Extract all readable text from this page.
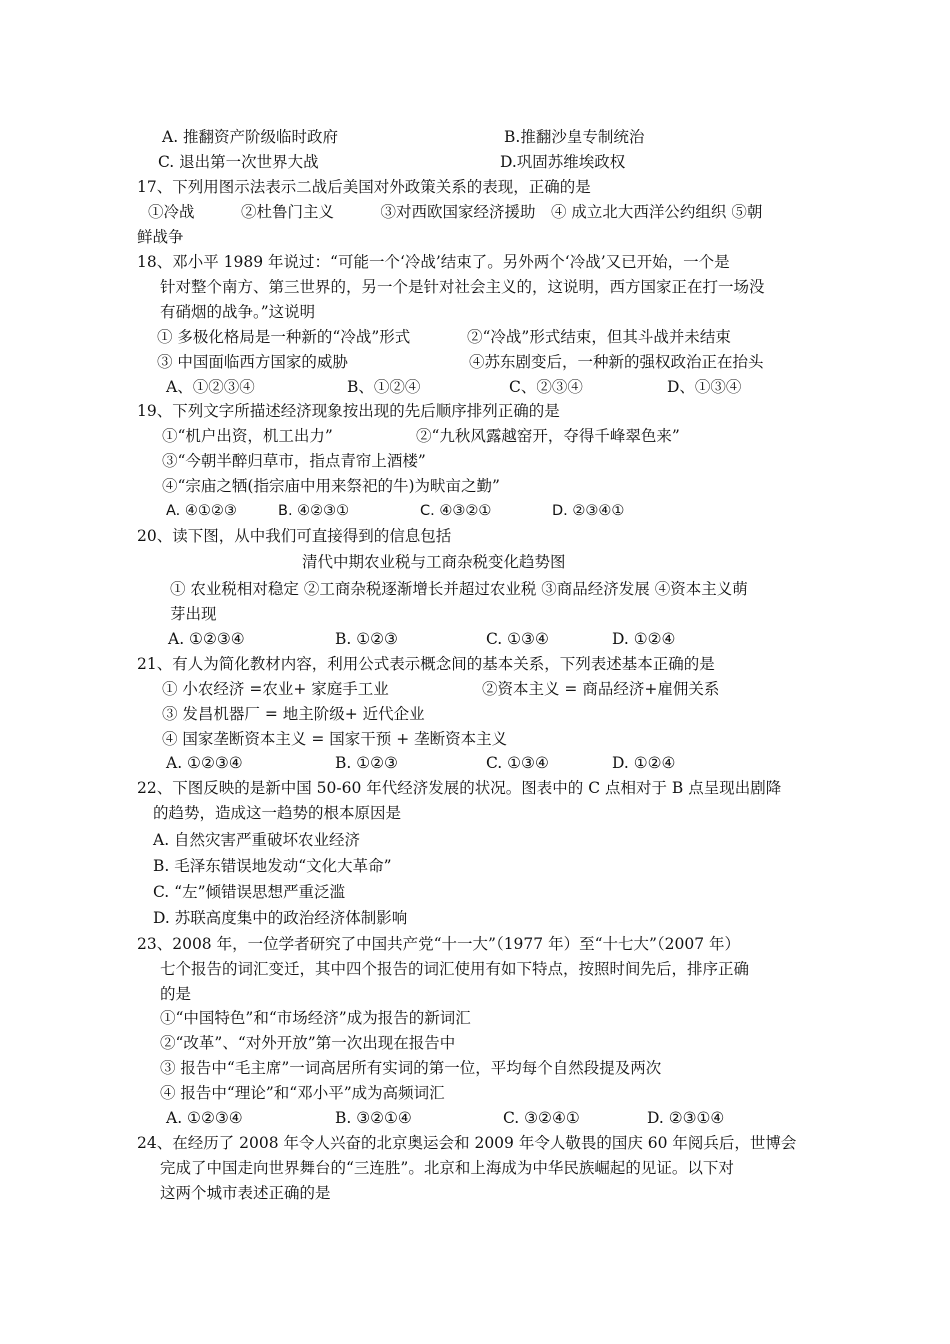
A. 推翻资产阶级临时政府	B.推翻沙皇专制统治
C. 退出第一次世界大战	D.巩固苏维埃政权
17、下列用图示法表示二战后美国对外政策关系的表现，正确的是
①冷战　　　②杜鲁门主义　　　③对西欧国家经济援助　④ 成立北大西洋公约组织 ⑤朝
鲜战争
18、邓小平 1989 年说过：“可能一个‘冷战’结束了。另外两个‘冷战’又已开始，一个是
针对整个南方、第三世界的，另一个是针对社会主义的，这说明，西方国家正在打一场没
有硝烟的战争。”这说明
① 多极化格局是一种新的“冷战”形式	②“冷战”形式结束，但其斗战并未结束
③ 中国面临西方国家的威胁	④苏东剧变后，一种新的强权政治正在抬头
A、①②③④	B、①②④	C、②③④	D、①③④
19、下列文字所描述经济现象按出现的先后顺序排列正确的是
①“机户出资，机工出力”	②“九秋风露越窑开，夺得千峰翠色来”
③“今朝半醉归草市，指点青帘上酒楼”
④“宗庙之牺(指宗庙中用来祭祀的牛)为畎亩之勤”
A. ④①②③	B. ④②③①	C. ④③②①	D. ②③④①
20、读下图，从中我们可直接得到的信息包括
清代中期农业税与工商杂税变化趋势图
① 农业税相对稳定 ②工商杂税逐渐增长并超过农业税 ③商品经济发展 ④资本主义萌
芽出现
A. ①②③④	B. ①②③	C. ①③④	D. ①②④
21、有人为简化教材内容，利用公式表示概念间的基本关系，下列表述基本正确的是
① 小农经济 =农业+ 家庭手工业	②资本主义 = 商品经济+雇佣关系
③ 发昌机器厂 = 地主阶级+ 近代企业
④ 国家垄断资本主义 = 国家干预 + 垄断资本主义
A. ①②③④	B. ①②③	C. ①③④	D. ①②④
22、下图反映的是新中国 50-60 年代经济发展的状况。图表中的 C 点相对于 B 点呈现出剧降
的趋势，造成这一趋势的根本原因是
A. 自然灾害严重破坏农业经济
B. 毛泽东错误地发动“文化大革命”
C. “左”倾错误思想严重泛滥
D. 苏联高度集中的政治经济体制影响
23、2008 年，一位学者研究了中国共产党“十一大”（1977 年）至“十七大”（2007 年）
七个报告的词汇变迁，其中四个报告的词汇使用有如下特点，按照时间先后，排序正确
的是
①“中国特色”和“市场经济”成为报告的新词汇
②“改革”、“对外开放”第一次出现在报告中
③ 报告中“毛主席”一词高居所有实词的第一位，平均每个自然段提及两次
④ 报告中“理论”和“邓小平”成为高频词汇
A. ①②③④	B. ③②①④	C. ③②④①	D. ②③①④
24、在经历了 2008 年令人兴奋的北京奥运会和 2009 年令人敬畏的国庆 60 年阅兵后，世博会
完成了中国走向世界舞台的“三连胜”。北京和上海成为中华民族崛起的见证。以下对
这两个城市表述正确的是
